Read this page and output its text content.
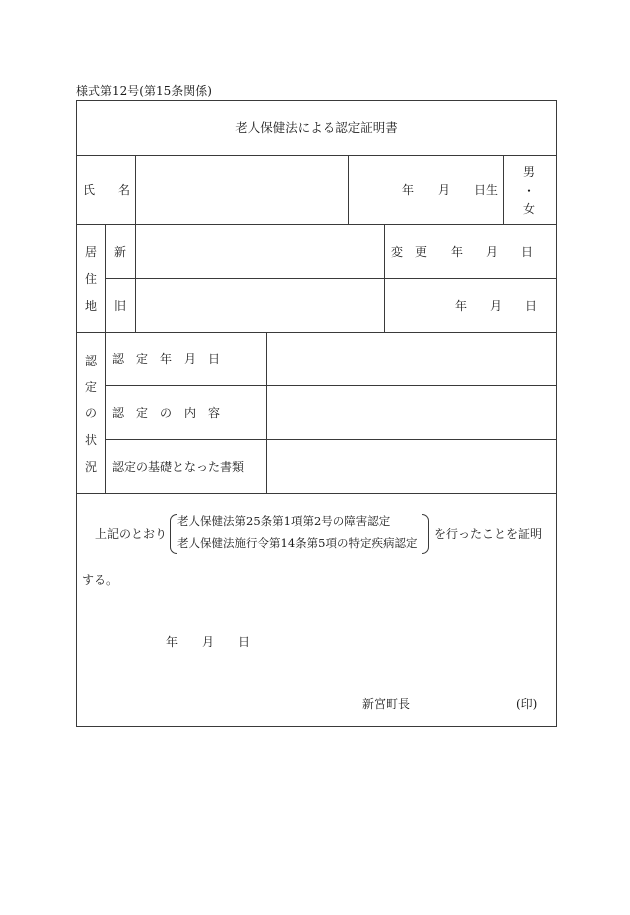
様式第12号(第15条関係)
老人保健法による認定証明書
氏 名	年 月 日生
男
・
女
居
住
地
新
旧
変　更 年 月 日
年 月 日
認
定
の
状
況
認　定　年　月　日
認　定　の　内　容
認定の基礎となった書類
上記のとおり
老人保健法第25条第1項第2号の障害認定
老人保健法施行令第14条第5項の特定疾病認定
を行ったことを証明
する。
年 月 日
新宮町長	(印)
